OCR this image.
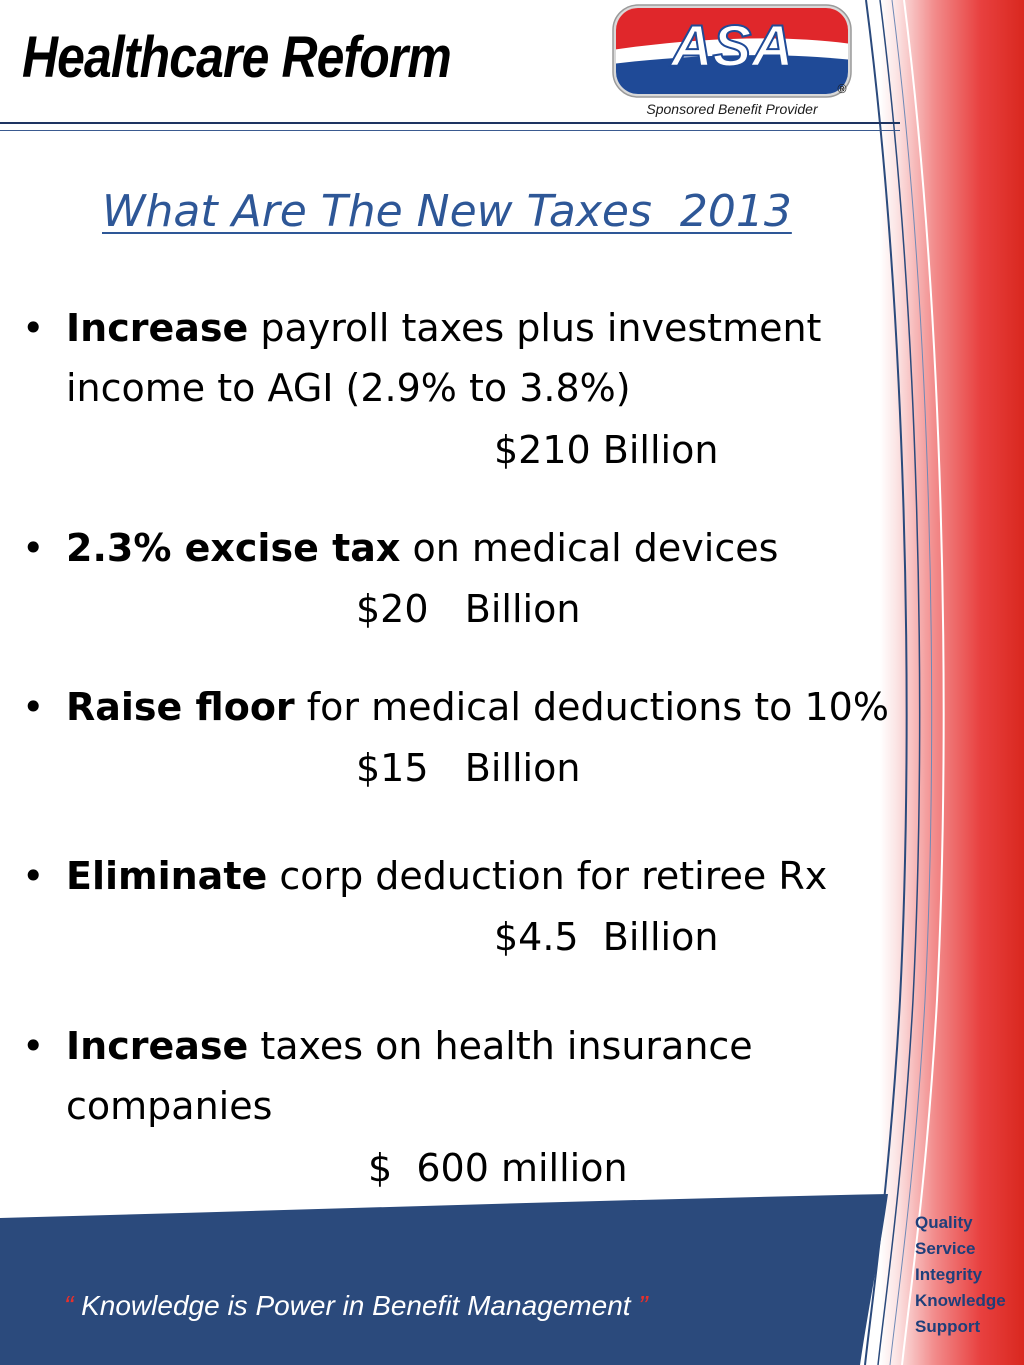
Healthcare Reform	ASA
®
Sponsored Benefit Provider
What Are The New Taxes  2013
• Increase payroll taxes plus investment income to AGI (2.9% to 3.8%)
$210 Billion
• 2.3% excise tax on medical devices
$20   Billion
• Raise floor for medical deductions to 10%
$15   Billion
• Eliminate corp deduction for retiree Rx
$4.5  Billion
• Increase taxes on health insurance companies
$  600 million
“ Knowledge is Power in Benefit Management ”
Quality
Service
Integrity
Knowledge
Support
